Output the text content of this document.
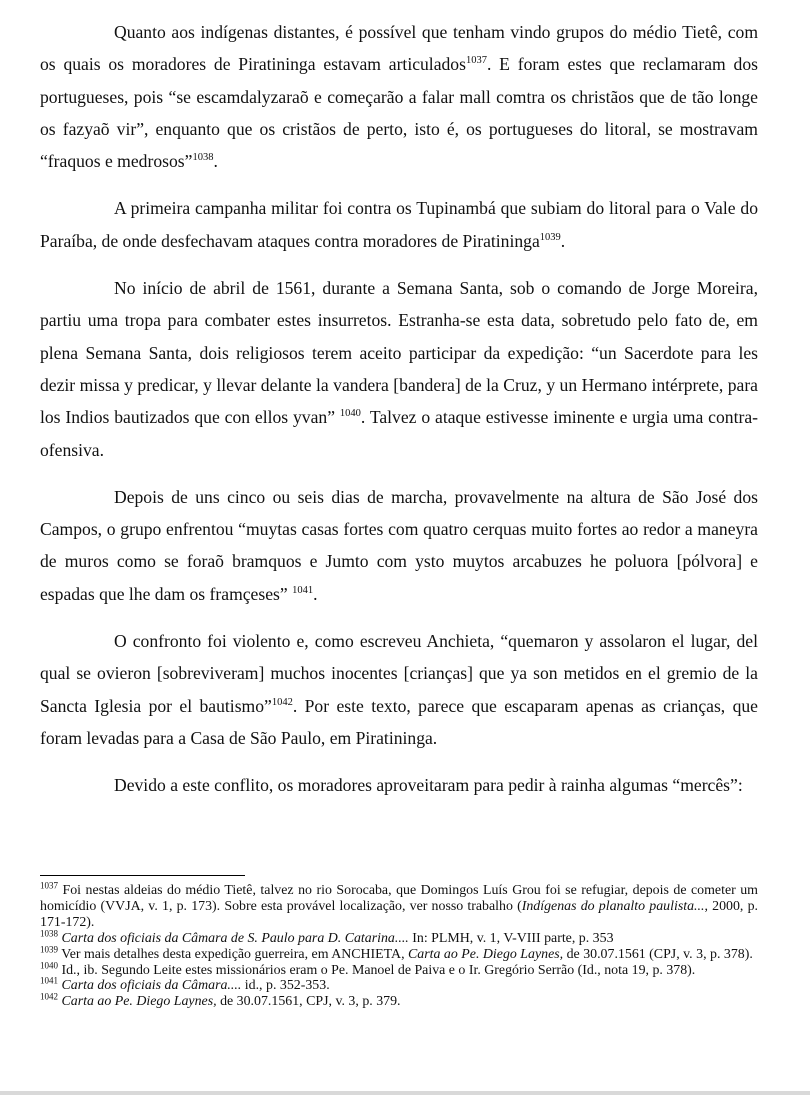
Quanto aos indígenas distantes, é possível que tenham vindo grupos do médio Tietê, com os quais os moradores de Piratininga estavam articulados$^{1037}$. E foram estes que reclamaram dos portugueses, pois “se escamdalyzaraõ e começarão a falar mall comtra os christãos que de tão longe os fazyaõ vir”, enquanto que os cristãos de perto, isto é, os portugueses do litoral, se mostravam “fraquos e medrosos”$^{1038}$.

A primeira campanha militar foi contra os Tupinambá que subiam do litoral para o Vale do Paraíba, de onde desfechavam ataques contra moradores de Piratininga$^{1039}$.

No início de abril de 1561, durante a Semana Santa, sob o comando de Jorge Moreira, partiu uma tropa para combater estes insurretos. Estranha-se esta data, sobretudo pelo fato de, em plena Semana Santa, dois religiosos terem aceito participar da expedição: “un Sacerdote para les dezir missa y predicar, y llevar delante la vandera [bandera] de la Cruz, y un Hermano intérprete, para los Indios bautizados que con ellos yvan” $^{1040}$. Talvez o ataque estivesse iminente e urgia uma contra-ofensiva.

Depois de uns cinco ou seis dias de marcha, provavelmente na altura de São José dos Campos, o grupo enfrentou “muytas casas fortes com quatro cerquas muito fortes ao redor a maneyra de muros como se foraõ bramquos e Jumto com ysto muytos arcabuzes he poluora [pólvora] e espadas que lhe dam os framçeses” $^{1041}$.

O confronto foi violento e, como escreveu Anchieta, “quemaron y assolaron el lugar, del qual se ovieron [sobreviveram] muchos inocentes [crianças] que ya son metidos en el gremio de la Sancta Iglesia por el bautismo”$^{1042}$. Por este texto, parece que escaparam apenas as crianças, que foram levadas para a Casa de São Paulo, em Piratininga.

Devido a este conflito, os moradores aproveitaram para pedir à rainha algumas “mercês”:

$^{1037}$ Foi nestas aldeias do médio Tietê, talvez no rio Sorocaba, que Domingos Luís Grou foi se refugiar, depois de cometer um homicídio (VVJA, v. 1, p. 173). Sobre esta provável localização, ver nosso trabalho (Indígenas do planalto paulista..., 2000, p. 171-172).

$^{1038}$ Carta dos oficiais da Câmara de S. Paulo para D. Catarina.... In: PLMH, v. 1, V-VIII parte, p. 353

$^{1039}$ Ver mais detalhes desta expedição guerreira, em ANCHIETA, Carta ao Pe. Diego Laynes, de 30.07.1561 (CPJ, v. 3, p. 378).

$^{1040}$ Id., ib. Segundo Leite estes missionários eram o Pe. Manoel de Paiva e o Ir. Gregório Serrão (Id., nota 19, p. 378).

$^{1041}$ Carta dos oficiais da Câmara.... id., p. 352-353.

$^{1042}$ Carta ao Pe. Diego Laynes, de 30.07.1561, CPJ, v. 3, p. 379.
